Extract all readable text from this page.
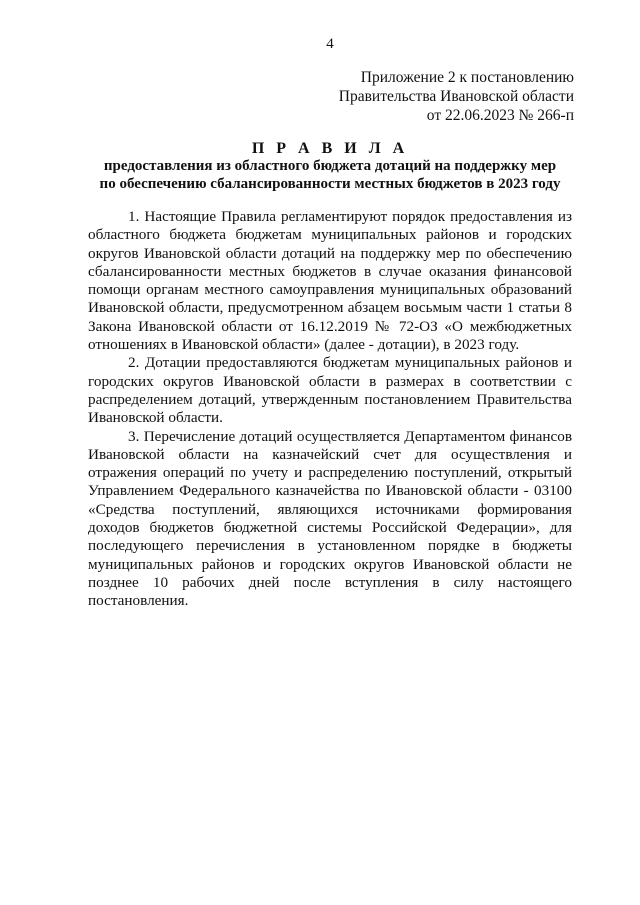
4
Приложение 2 к постановлению
Правительства Ивановской области
от 22.06.2023 № 266-п
П Р А В И Л А
предоставления из областного бюджета дотаций на поддержку мер
по обеспечению сбалансированности местных бюджетов в 2023 году

1. Настоящие Правила регламентируют порядок предоставления из областного бюджета бюджетам муниципальных районов и городских округов Ивановской области дотаций на поддержку мер по обеспечению сбалансированности местных бюджетов в случае оказания финансовой помощи органам местного самоуправления муниципальных образований Ивановской области, предусмотренном абзацем восьмым части 1 статьи 8 Закона Ивановской области от 16.12.2019 № 72-ОЗ «О межбюджетных отношениях в Ивановской области» (далее - дотации), в 2023 году.

2. Дотации предоставляются бюджетам муниципальных районов и городских округов Ивановской области в размерах в соответствии с распределением дотаций, утвержденным постановлением Правительства Ивановской области.

3. Перечисление дотаций осуществляется Департаментом финансов Ивановской области на казначейский счет для осуществления и отражения операций по учету и распределению поступлений, открытый Управлением Федерального казначейства по Ивановской области - 03100 «Средства поступлений, являющихся источниками формирования доходов бюджетов бюджетной системы Российской Федерации», для последующего перечисления в установленном порядке в бюджеты муниципальных районов и городских округов Ивановской области не позднее 10 рабочих дней после вступления в силу настоящего постановления.
